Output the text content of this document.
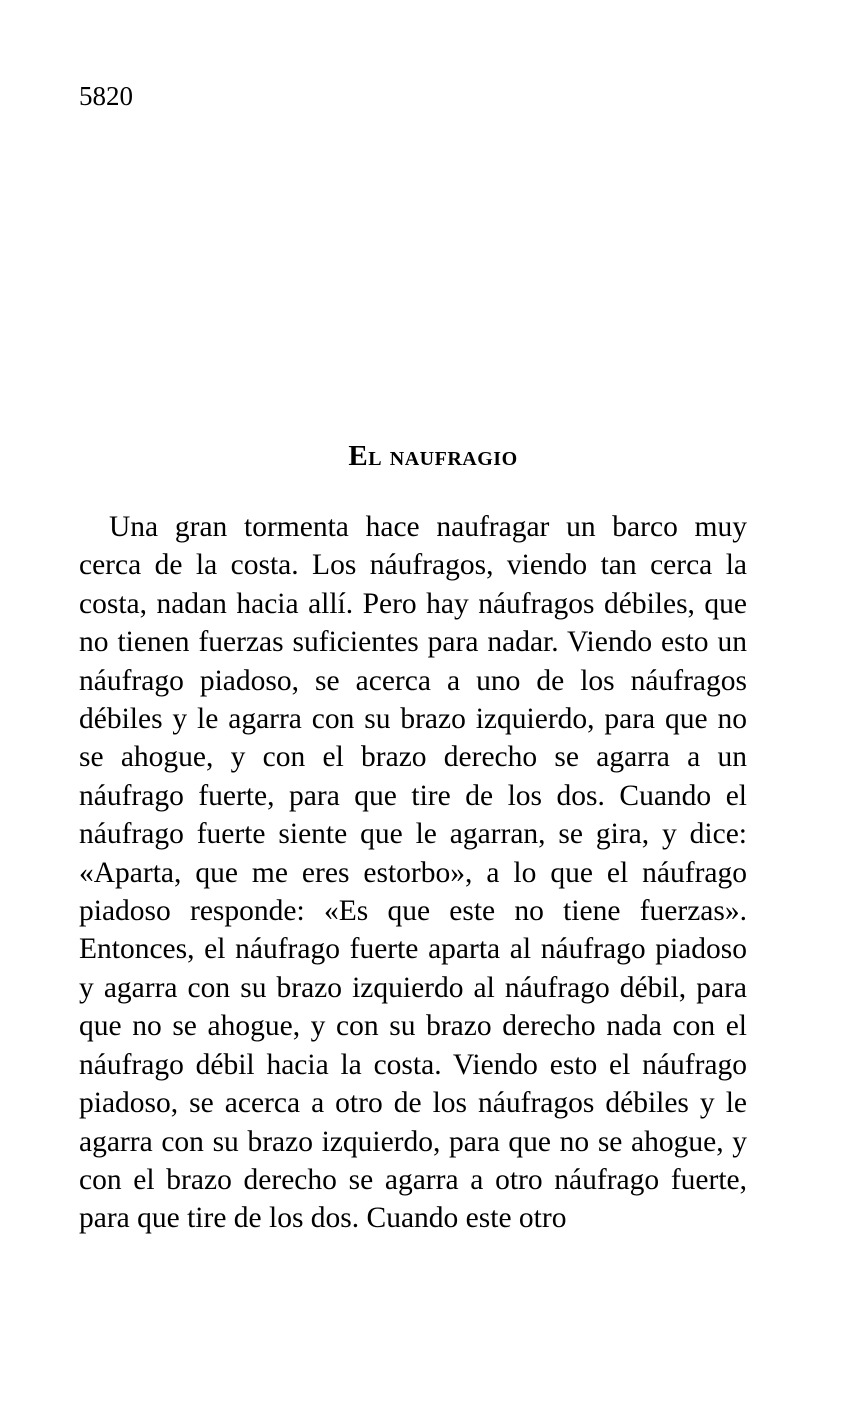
5820
El naufragio

Una gran tormenta hace naufragar un barco muy cerca de la costa. Los náufragos, viendo tan cerca la costa, nadan hacia allí. Pero hay náufragos débiles, que no tienen fuerzas suficientes para nadar. Viendo esto un náufrago piadoso, se acerca a uno de los náufragos débiles y le agarra con su brazo izquierdo, para que no se ahogue, y con el brazo derecho se agarra a un náufrago fuerte, para que tire de los dos. Cuando el náufrago fuerte siente que le agarran, se gira, y dice: «Aparta, que me eres estorbo», a lo que el náufrago piadoso responde: «Es que este no tiene fuerzas». Entonces, el náufrago fuerte aparta al náufrago piadoso y agarra con su brazo izquierdo al náufrago débil, para que no se ahogue, y con su brazo derecho nada con el náufrago débil hacia la costa. Viendo esto el náufrago piadoso, se acerca a otro de los náufragos débiles y le agarra con su brazo izquierdo, para que no se ahogue, y con el brazo derecho se agarra a otro náufrago fuerte, para que tire de los dos. Cuando este otro
